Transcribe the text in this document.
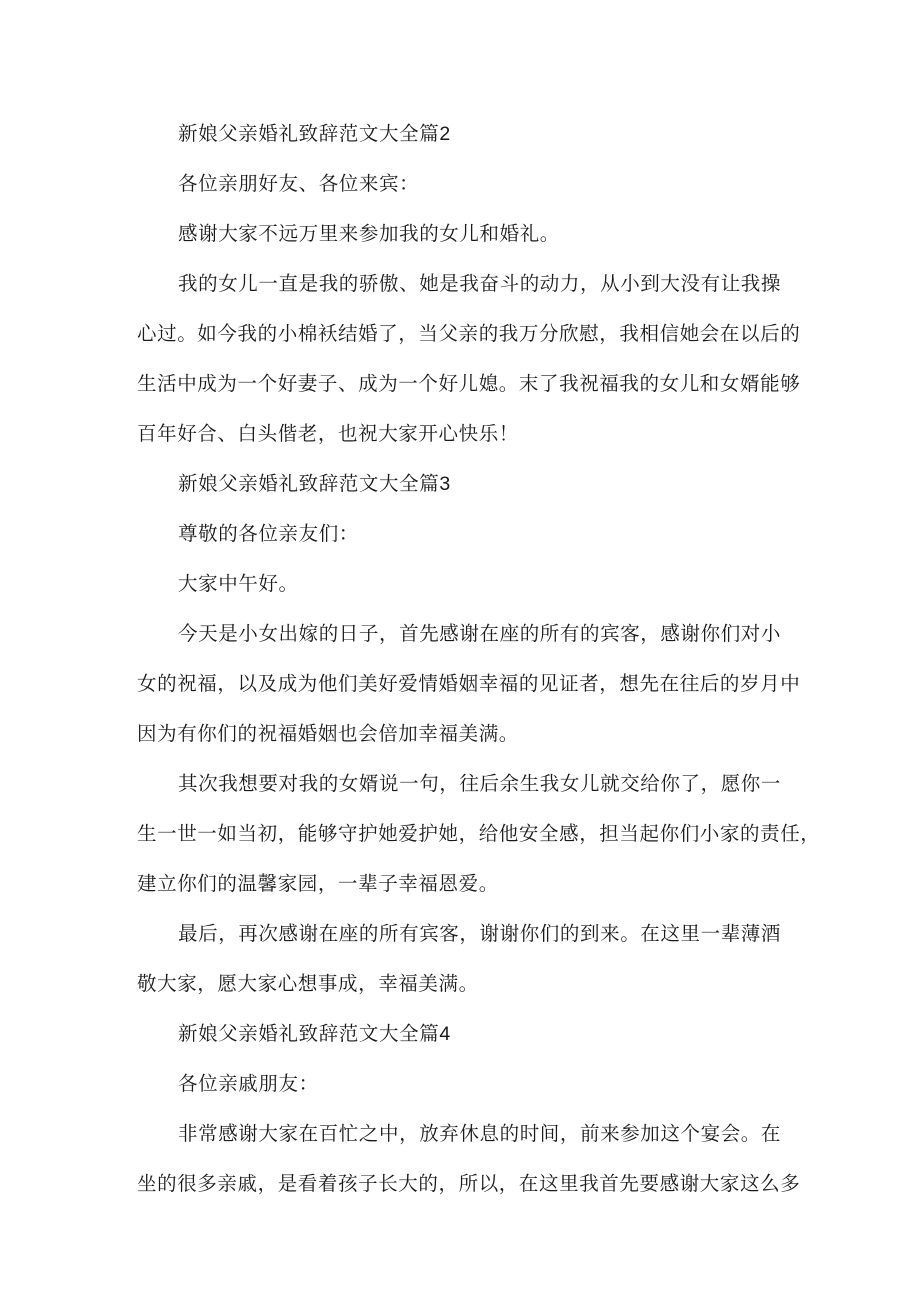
新娘父亲婚礼致辞范文大全篇2
各位亲朋好友、各位来宾：
感谢大家不远万里来参加我的女儿和婚礼。
我的女儿一直是我的骄傲、她是我奋斗的动力，从小到大没有让我操
心过。如今我的小棉袄结婚了，当父亲的我万分欣慰，我相信她会在以后的
生活中成为一个好妻子、成为一个好儿媳。末了我祝福我的女儿和女婿能够
百年好合、白头偕老，也祝大家开心快乐！
新娘父亲婚礼致辞范文大全篇3
尊敬的各位亲友们：
大家中午好。
今天是小女出嫁的日子，首先感谢在座的所有的宾客，感谢你们对小
女的祝福，以及成为他们美好爱情婚姻幸福的见证者，想先在往后的岁月中
因为有你们的祝福婚姻也会倍加幸福美满。
其次我想要对我的女婿说一句，往后余生我女儿就交给你了，愿你一
生一世一如当初，能够守护她爱护她，给他安全感，担当起你们小家的责任，
建立你们的温馨家园，一辈子幸福恩爱。
最后，再次感谢在座的所有宾客，谢谢你们的到来。在这里一辈薄酒
敬大家，愿大家心想事成，幸福美满。
新娘父亲婚礼致辞范文大全篇4
各位亲戚朋友：
非常感谢大家在百忙之中，放弃休息的时间，前来参加这个宴会。在
坐的很多亲戚，是看着孩子长大的，所以，在这里我首先要感谢大家这么多
